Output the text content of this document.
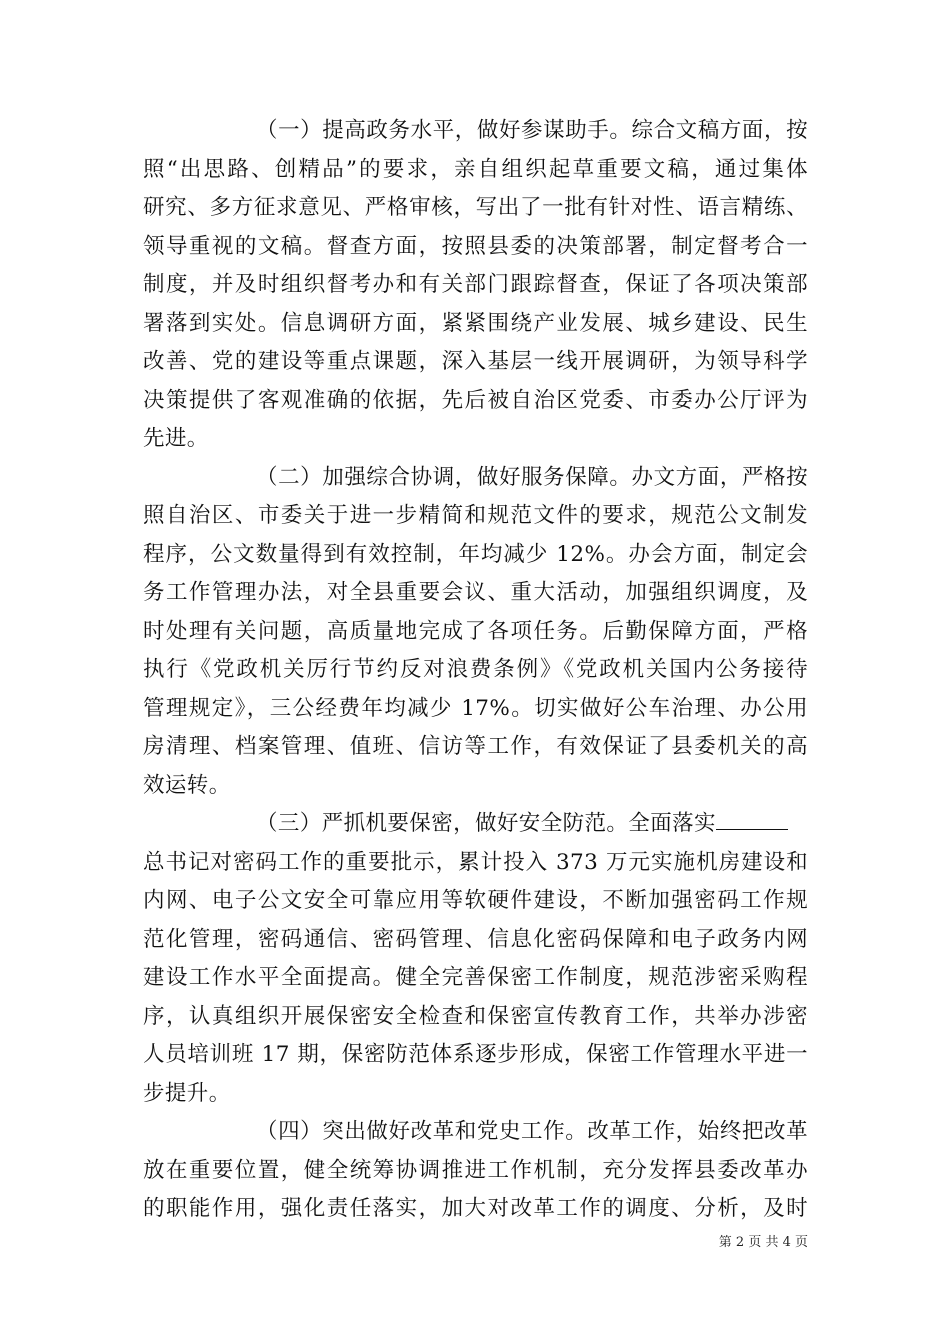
（一）提高政务水平，做好参谋助手。综合文稿方面，按
照“出思路、创精品”的要求，亲自组织起草重要文稿，通过集体
研究、多方征求意见、严格审核，写出了一批有针对性、语言精练、
领导重视的文稿。督查方面，按照县委的决策部署，制定督考合一
制度，并及时组织督考办和有关部门跟踪督查，保证了各项决策部
署落到实处。信息调研方面，紧紧围绕产业发展、城乡建设、民生
改善、党的建设等重点课题，深入基层一线开展调研，为领导科学
决策提供了客观准确的依据，先后被自治区党委、市委办公厅评为
先进。
（二）加强综合协调，做好服务保障。办文方面，严格按
照自治区、市委关于进一步精简和规范文件的要求，规范公文制发
程序，公文数量得到有效控制，年均减少 12%。办会方面，制定会
务工作管理办法，对全县重要会议、重大活动，加强组织调度，及
时处理有关问题，高质量地完成了各项任务。后勤保障方面，严格
执行《党政机关厉行节约反对浪费条例》《党政机关国内公务接待
管理规定》，三公经费年均减少 17%。切实做好公车治理、办公用
房清理、档案管理、值班、信访等工作，有效保证了县委机关的高
效运转。
（三）严抓机要保密，做好安全防范。全面落实
总书记对密码工作的重要批示，累计投入 373 万元实施机房建设和
内网、电子公文安全可靠应用等软硬件建设，不断加强密码工作规
范化管理，密码通信、密码管理、信息化密码保障和电子政务内网
建设工作水平全面提高。健全完善保密工作制度，规范涉密采购程
序，认真组织开展保密安全检查和保密宣传教育工作，共举办涉密
人员培训班 17 期，保密防范体系逐步形成，保密工作管理水平进一
步提升。
（四）突出做好改革和党史工作。改革工作，始终把改革
放在重要位置，健全统筹协调推进工作机制，充分发挥县委改革办
的职能作用，强化责任落实，加大对改革工作的调度、分析，及时
第 2 页 共 4 页
